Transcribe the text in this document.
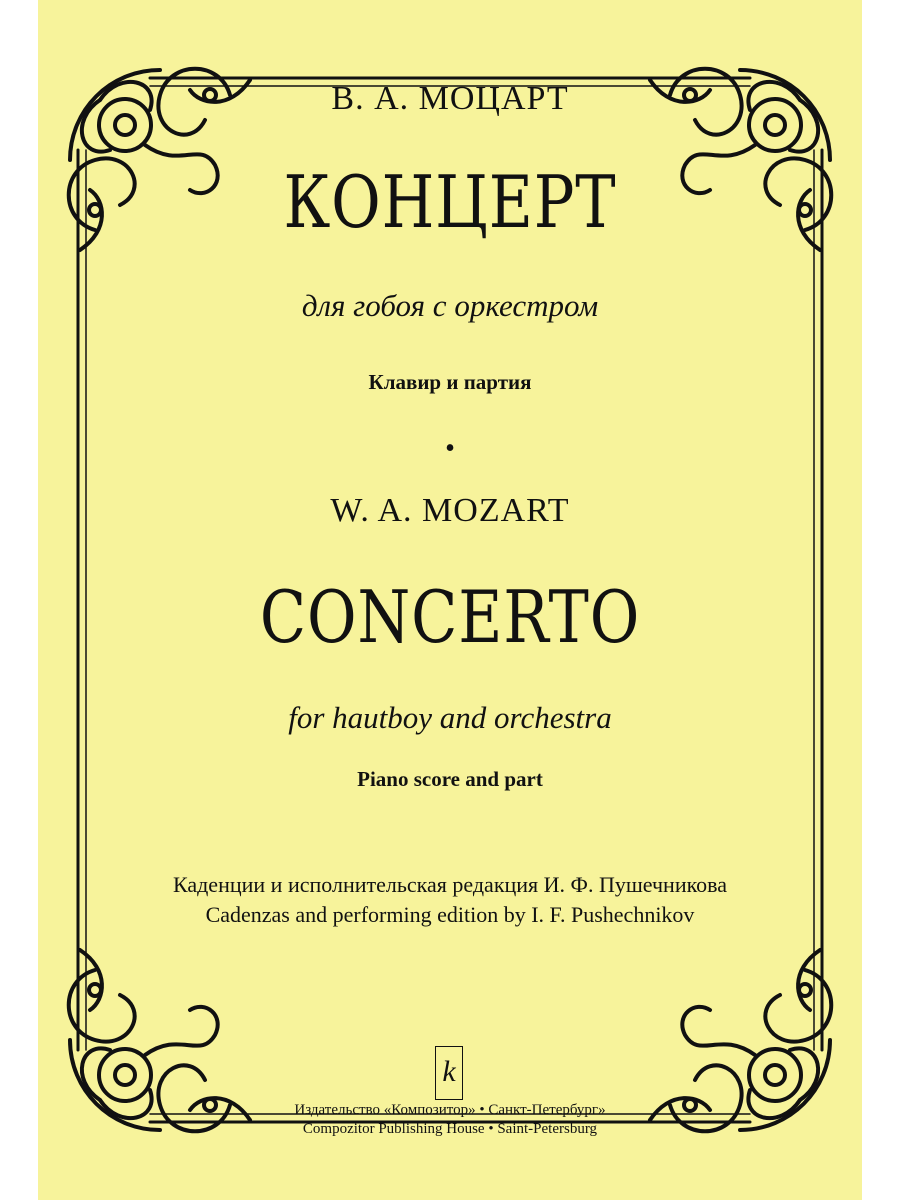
В. А. МОЦАРТ
КОНЦЕРТ
для гобоя с оркестром
Клавир и партия
•
W. A. MOZART
CONCERTO
for hautboy and orchestra
Piano score and part
Каденции и исполнительская редакция И. Ф. Пушечникова
Cadenzas and performing edition by I. F. Pushechnikov
k
Издательство «Композитор» • Санкт-Петербург»
Compozitor Publishing House • Saint-Petersburg
